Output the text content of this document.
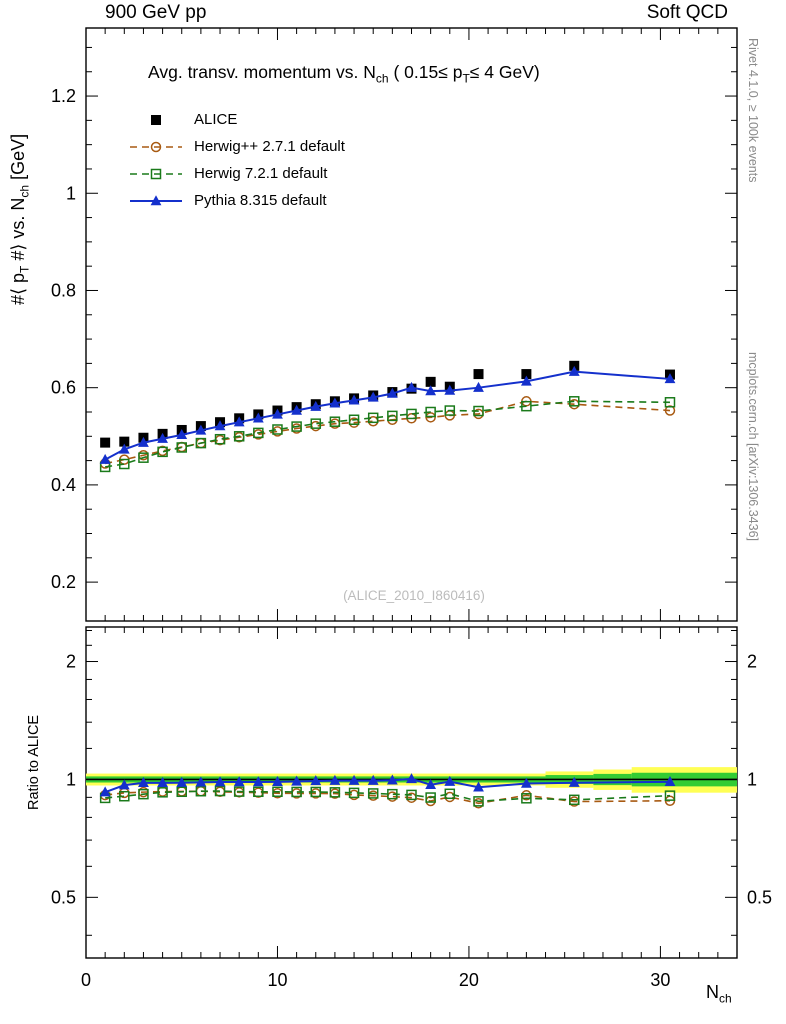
900 GeV pp	Soft QCD
Rivet 4.1.0, ≥ 100k events
mcplots.cern.ch [arXiv:1306.3436]
0.2
0.4
0.6
0.8
1
1.2
0	10	20	30
0.5	0.5
1	1
2	2
(ALICE_2010_I860416)
Avg. transv. momentum vs. $N_{ch}$ ( $0.15\le p_T\le 4$ GeV)
#⟨ $p_T$ #⟩ vs. $N_{ch}$ [GeV]
Ratio to ALICE
$N_{ch}$
ALICE
Herwig++ 2.7.1 default
Herwig 7.2.1 default
Pythia 8.315 default
